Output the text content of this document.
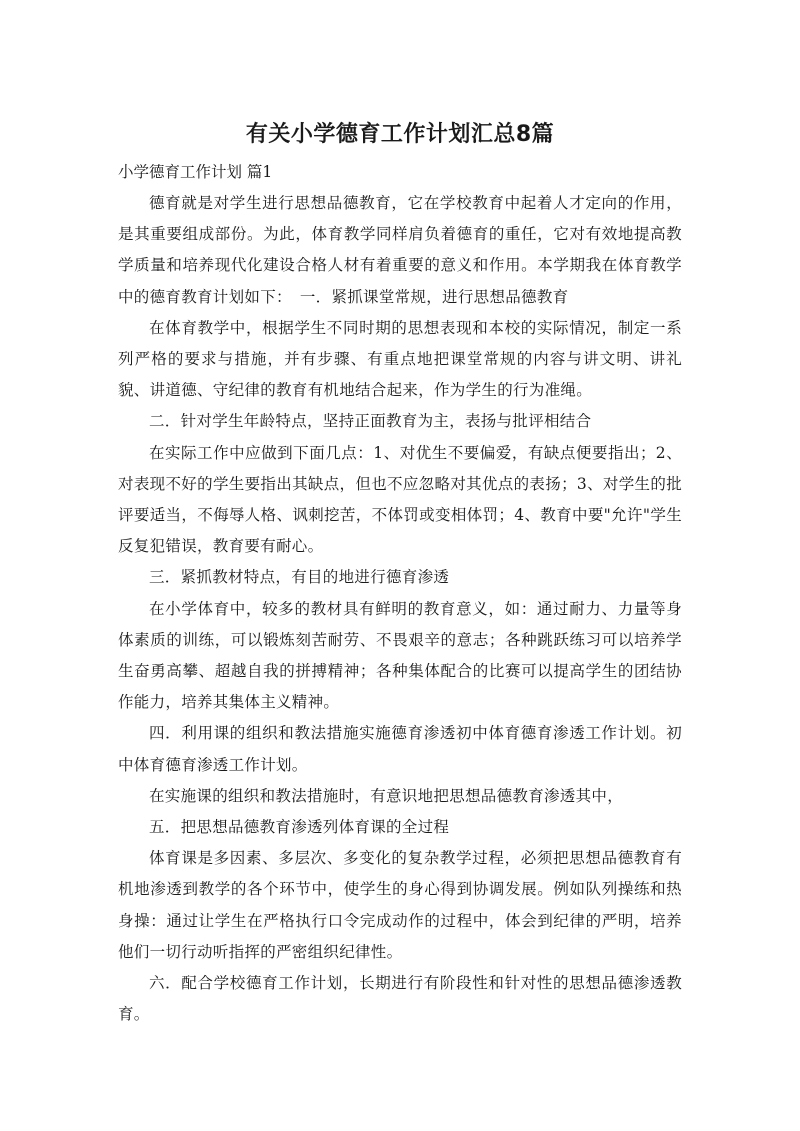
有关小学德育工作计划汇总8篇

小学德育工作计划 篇1

德育就是对学生进行思想品德教育，它在学校教育中起着人才定向的作用，是其重要组成部份。为此，体育教学同样肩负着德育的重任，它对有效地提高教学质量和培养现代化建设合格人材有着重要的意义和作用。本学期我在体育教学中的德育教育计划如下：　一．紧抓课堂常规，进行思想品德教育

在体育教学中，根据学生不同时期的思想表现和本校的实际情况，制定一系列严格的要求与措施，并有步骤、有重点地把课堂常规的内容与讲文明、讲礼貌、讲道德、守纪律的教育有机地结合起来，作为学生的行为准绳。

二．针对学生年龄特点，坚持正面教育为主，表扬与批评相结合

在实际工作中应做到下面几点：1、对优生不要偏爱，有缺点便要指出；2、对表现不好的学生要指出其缺点，但也不应忽略对其优点的表扬；3、对学生的批评要适当，不侮辱人格、讽刺挖苦，不体罚或变相体罚；4、教育中要"允许"学生反复犯错误，教育要有耐心。

三．紧抓教材特点，有目的地进行德育渗透

在小学体育中，较多的教材具有鲜明的教育意义，如：通过耐力、力量等身体素质的训练，可以锻炼刻苦耐劳、不畏艰辛的意志；各种跳跃练习可以培养学生奋勇高攀、超越自我的拼搏精神；各种集体配合的比赛可以提高学生的团结协作能力，培养其集体主义精神。

四．利用课的组织和教法措施实施德育渗透初中体育德育渗透工作计划。初中体育德育渗透工作计划。

在实施课的组织和教法措施时，有意识地把思想品德教育渗透其中，

五．把思想品德教育渗透列体育课的全过程

体育课是多因素、多层次、多变化的复杂教学过程，必须把思想品德教育有机地渗透到教学的各个环节中，使学生的身心得到协调发展。例如队列操练和热身操：通过让学生在严格执行口令完成动作的过程中，体会到纪律的严明，培养他们一切行动听指挥的严密组织纪律性。

六．配合学校德育工作计划，长期进行有阶段性和针对性的思想品德渗透教育。
